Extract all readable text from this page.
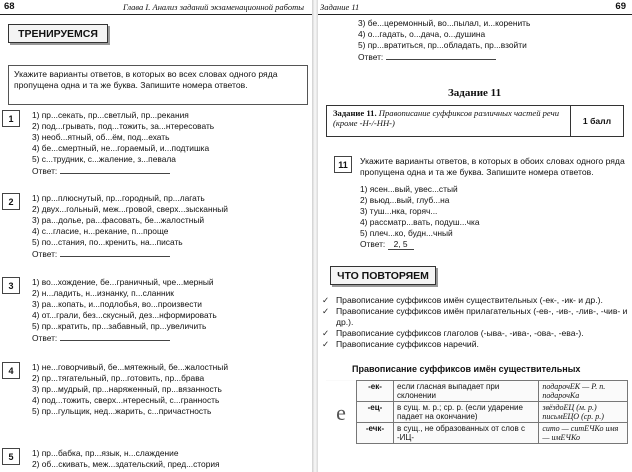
68	Глава I. Анализ заданий экзаменационной работы
ТРЕНИРУЕМСЯ
Укажите варианты ответов, в которых во всех словах одного ряда пропущена одна и та же буква. Запишите номера ответов.
1 1) пр...секать, пр...светлый, пр...рекания
2) под...грывать, под...тожить, за...нтересовать
3) необ...ятный, об...ём, под...ехать
4) бе...смертный, не...гораемый, и...подтишка
5) с...трудник, с...жаление, з...певала
Ответ:
2 1) пр...плюснутый, пр...городный, пр...лагать
2) двух...гольный, меж...гровой, сверх...зысканный
3) ра...долье, ра...фасовать, бе...жалостный
4) с...гласие, н...рекание, п...проще
5) по...стания, по...кренить, на...писать
Ответ:
3 1) во...хождение, бе...граничный, чре...мерный
2) н...ладить, н...изнанку, п...сланник
3) ра...копать, и...подлобья, во...произвести
4) от...грали, без...скусный, дез...нформировать
5) пр...кратить, пр...забавный, пр...увеличить
Ответ:
4 1) не...говорчивый, бе...мятежный, бе...жалостный
2) пр...тягательный, пр...готовить, пр...брава
3) пр...мудрый, пр...наряженный, пр...вязанность
4) под...тожить, сверх...нтересный, с...гранность
5) пр...гульщик, нед...жарить, с...причастность
5 1) пр...бабка, пр...язык, н...слаждение
2) об...скивать, меж...здательский, пред...стория
Задание 11	69
3) бе...церемонный, во...пылал, и...коренить
4) о...гадать, о...дача, о...душина
5) пр...вратиться, пр...обладать, пр...взойти
Ответ:
Задание 11
Задание 11. Правописание суффиксов различных частей речи (кроме -Н-/-НН-)	1 балл
11 Укажите варианты ответов, в которых в обоих словах одного ряда пропущена одна и та же буква. Запишите номера ответов.
1) ясен...вый, увес...стый
2) вьюд...вый, глуб...на
3) туш...нка, горяч...
4) рассматр...вать, подуш...чка
5) плеч...ко, будн...чный
Ответ: 2, 5
ЧТО ПОВТОРЯЕМ
✓ Правописание суффиксов имён существительных (-ек-, -ик- и др.).
✓ Правописание суффиксов имён прилагательных (-ев-, -ив-, -лив-, -чив- и др.).
✓ Правописание суффиксов глаголов (-ыва-, -ива-, -ова-, -ева-).
✓ Правописание суффиксов наречий.
Правописание суффиксов имён существительных
е	-ек-	если гласная выпадает при склонении	подарочЕК — Р. п. подарочКа
	-ец-	в сущ. м. р.; ср. р. (если ударение падает на окончание)	звёздоЕЦ (м. р.) письмЕЦО (ср. р.)
	-ечк-	в сущ., не образованных от слов с -ИЦ-	сито — ситЕЧКо имя — имЕЧКо
